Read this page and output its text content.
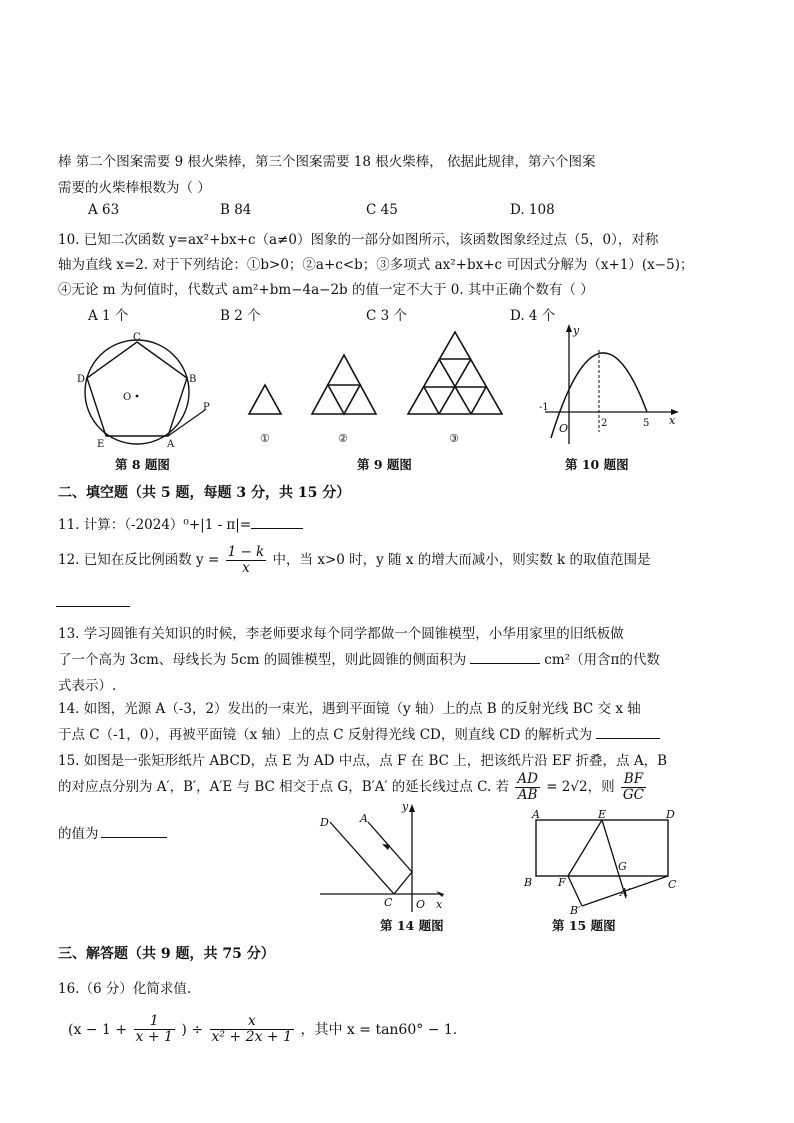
棒 第二个图案需要 9 根火柴棒，第三个图案需要 18 根火柴棒， 依据此规律，第六个图案
需要的火柴棒根数为（ ）
A 63	B 84	C 45	D. 108
10. 已知二次函数 y=ax²+bx+c（a≠0）图象的一部分如图所示，该函数图象经过点（5，0），对称
轴为直线 x=2. 对于下列结论：①b>0；②a+c<b；③多项式 ax²+bx+c 可因式分解为（x+1）(x−5)；
④无论 m 为何值时，代数式 am²+bm−4a−2b 的值一定不大于 0. 其中正确个数有（ ）
A 1 个	B 2 个	C 3 个	D. 4 个
C
D	B
O
E	A
P
第 8 题图
①	②	③
第 9 题图
y
x
O	2	5
-1
第 10 题图
二、填空题（共 5 题，每题 3 分，共 15 分）
11. 计算：（-2024）⁰+|1 - π|=
12. 已知在反比例函数 $y = \frac{1 - k}{x}$ 中，当 x>0 时，y 随 x 的增大而减小，则实数 k 的取值范围是
13. 学习圆锥有关知识的时候，李老师要求每个同学都做一个圆锥模型，小华用家里的旧纸板做
了一个高为 3cm、母线长为 5cm 的圆锥模型，则此圆锥的侧面积为	cm²（用含π的代数
式表示）.
14. 如图，光源 A（-3，2）发出的一束光，遇到平面镜（y 轴）上的点 B 的反射光线 BC 交 x 轴
于点 C（-1，0），再被平面镜（x 轴）上的点 C 反射得光线 CD，则直线 CD 的解析式为
15. 如图是一张矩形纸片 ABCD，点 E 为 AD 中点，点 F 在 BC 上，把该纸片沿 EF 折叠，点 A，B
的对应点分别为 A′，B′，A′E 与 BC 相交于点 G，B′A′ 的延长线过点 C. 若 $\frac{AD}{AB} = 2√2$，则 $\frac{BF}{GC}$
的值为
D	A
y
C O x
第 14 题图
A	E	D
G
B F	C
A′
B′
第 15 题图
三、解答题（共 9 题，共 75 分）
16.（6 分）化简求值.
($x - 1 + \frac{1}{x + 1}$ ) ÷ $\frac{x}{\text{x² + 2x + 1}}$ ，其中 x = tan60° − 1.
